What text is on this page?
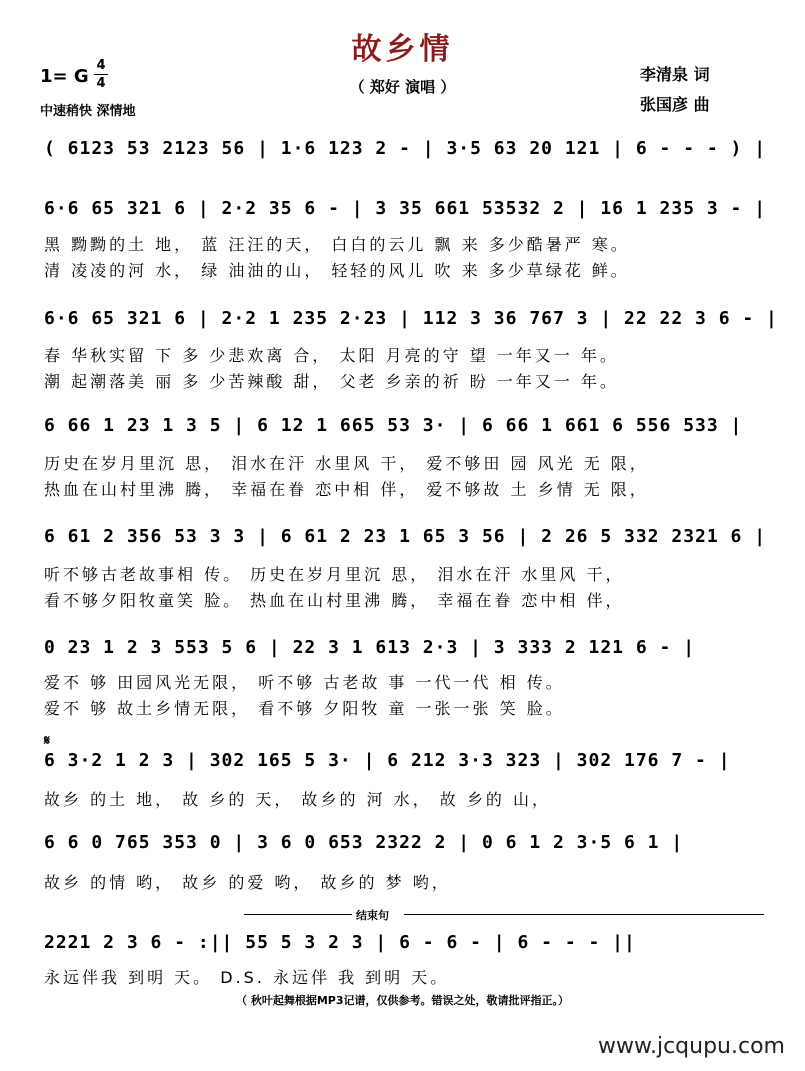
故乡情
（ 郑好 演唱 ）
1= G
4
4
中速稍快 深情地
李清泉 词
张国彦 曲
( 6123 53 2123 56 | 1·6 123 2 - | 3·5 63 20 121 | 6 - - - ) |
6·6 65 321 6 | 2·2 35 6 - | 3 35 661 53532 2 | 16 1 235 3 - |
黑 黝黝的土 地， 蓝 汪汪的天， 白白的云儿 飘 来 多少酷暑严 寒。
清 凌凌的河 水， 绿 油油的山， 轻轻的风儿 吹 来 多少草绿花 鲜。
6·6 65 321 6 | 2·2 1 235 2·23 | 112 3 36 767 3 | 22 22 3 6 - |
春 华秋实留 下 多 少悲欢离 合， 太阳 月亮的守 望 一年又一 年。
潮 起潮落美 丽 多 少苦辣酸 甜， 父老 乡亲的祈 盼 一年又一 年。
6 66 1 23 1 3 5 | 6 12 1 665 53 3· | 6 66 1 661 6 556 533 |
历史在岁月里沉 思， 泪水在汗 水里风 干， 爱不够田 园 风光 无 限，
热血在山村里沸 腾， 幸福在眷 恋中相 伴， 爱不够故 土 乡情 无 限，
6 61 2 356 53 3 3 | 6 61 2 23 1 65 3 56 | 2 26 5 332 2321 6 |
听不够古老故事相 传。 历史在岁月里沉 思， 泪水在汗 水里风 干，
看不够夕阳牧童笑 脸。 热血在山村里沸 腾， 幸福在眷 恋中相 伴，
0 23 1 2 3 553 5 6 | 22 3 1 613 2·3 | 3 333 2 121 6 - |
爱不 够 田园风光无限， 听不够 古老故 事 一代一代 相 传。
爱不 够 故土乡情无限， 看不够 夕阳牧 童 一张一张 笑 脸。
𝄋
6 3·2 1 2 3 | 302 165 5 3· | 6 212 3·3 323 | 302 176 7 - |
故乡 的土 地， 故 乡的 天， 故乡的 河 水， 故 乡的 山，
6 6 0 765 353 0 | 3 6 0 653 2322 2 | 0 6 1 2 3·5 6 1 |
故乡 的情 哟， 故乡 的爱 哟， 故乡的 梦 哟，
结束句
2221 2 3 6 - :|| 55 5 3 2 3 | 6 - 6 - | 6 - - - ||
永远伴我 到明 天。 D.S. 永远伴 我 到明 天。
（ 秋叶起舞根据MP3记谱，仅供参考。错误之处，敬请批评指正。）
www.jcqupu.com
